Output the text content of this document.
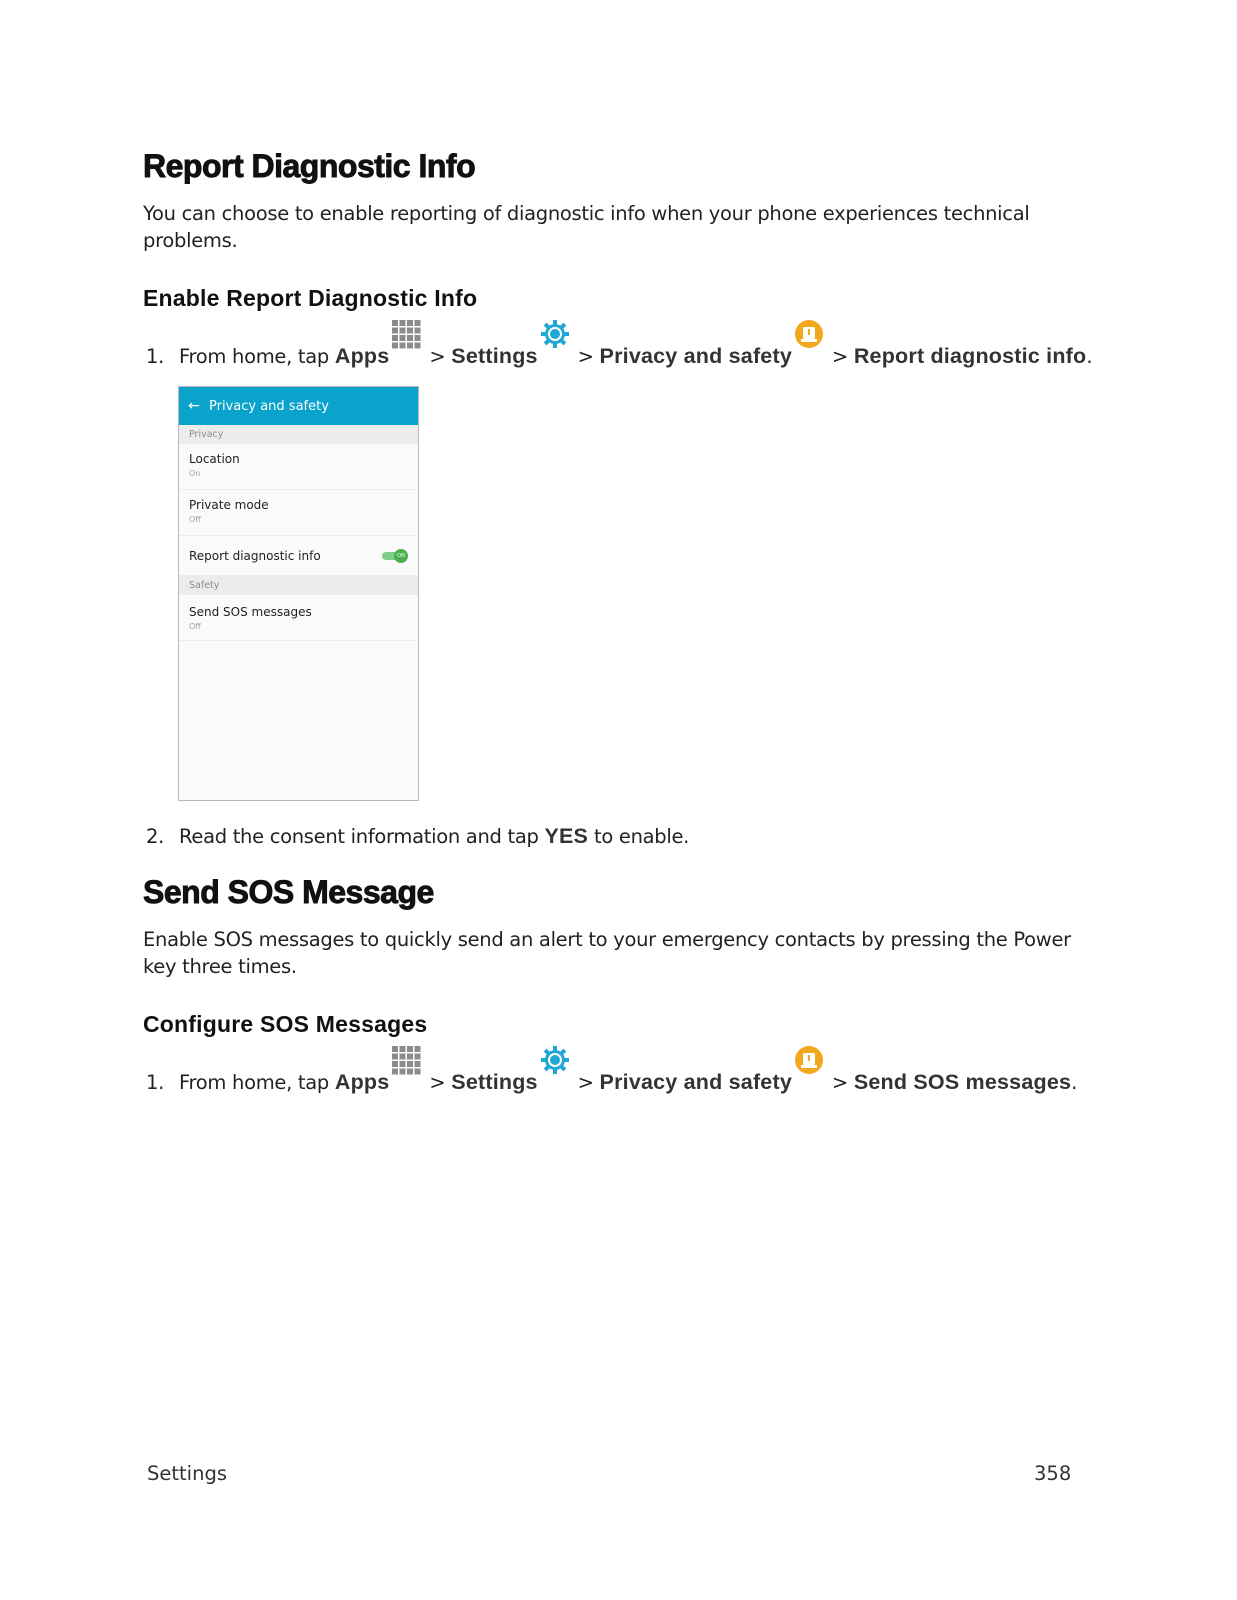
Report Diagnostic Info

You can choose to enable reporting of diagnostic info when your phone experiences technical problems.

Enable Report Diagnostic Info
1. From home, tap Apps > Settings > Privacy and safety > Report diagnostic info.
← Privacy and safety
Privacy
Location
On
Private mode
Off
Report diagnostic info	ON
Safety
Send SOS messages
Off
2. Read the consent information and tap YES to enable.
Send SOS Message

Enable SOS messages to quickly send an alert to your emergency contacts by pressing the Power key three times.

Configure SOS Messages
1. From home, tap Apps > Settings > Privacy and safety > Send SOS messages.
Settings	358
